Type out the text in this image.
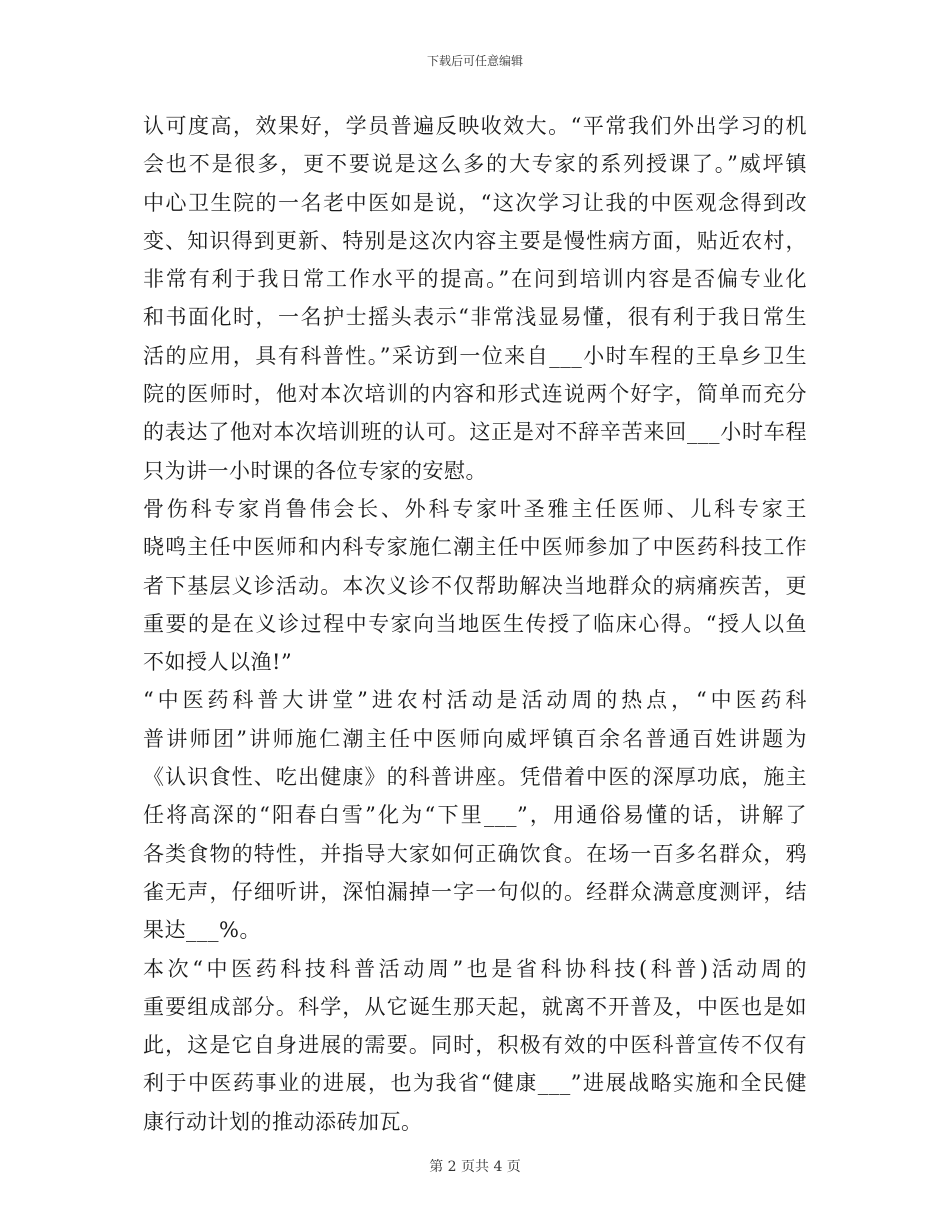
下载后可任意编辑
认可度高，效果好，学员普遍反映收效大。“平常我们外出学习的机
会也不是很多，更不要说是这么多的大专家的系列授课了。”威坪镇
中心卫生院的一名老中医如是说，“这次学习让我的中医观念得到改
变、知识得到更新、特别是这次内容主要是慢性病方面，贴近农村，
非常有利于我日常工作水平的提高。”在问到培训内容是否偏专业化
和书面化时，一名护士摇头表示“非常浅显易懂，很有利于我日常生
活的应用，具有科普性。”采访到一位来自___小时车程的王阜乡卫生
院的医师时，他对本次培训的内容和形式连说两个好字，简单而充分
的表达了他对本次培训班的认可。这正是对不辞辛苦来回___小时车程
只为讲一小时课的各位专家的安慰。
骨伤科专家肖鲁伟会长、外科专家叶圣雅主任医师、儿科专家王
晓鸣主任中医师和内科专家施仁潮主任中医师参加了中医药科技工作
者下基层义诊活动。本次义诊不仅帮助解决当地群众的病痛疾苦，更
重要的是在义诊过程中专家向当地医生传授了临床心得。“授人以鱼
不如授人以渔!”
“中医药科普大讲堂”进农村活动是活动周的热点，“中医药科
普讲师团”讲师施仁潮主任中医师向威坪镇百余名普通百姓讲题为
《认识食性、吃出健康》的科普讲座。凭借着中医的深厚功底，施主
任将高深的“阳春白雪”化为“下里___”，用通俗易懂的话，讲解了
各类食物的特性，并指导大家如何正确饮食。在场一百多名群众，鸦
雀无声，仔细听讲，深怕漏掉一字一句似的。经群众满意度测评，结
果达___%。
本次“中医药科技科普活动周”也是省科协科技(科普)活动周的
重要组成部分。科学，从它诞生那天起，就离不开普及，中医也是如
此，这是它自身进展的需要。同时，积极有效的中医科普宣传不仅有
利于中医药事业的进展，也为我省“健康___”进展战略实施和全民健
康行动计划的推动添砖加瓦。
第 2 页共 4 页
